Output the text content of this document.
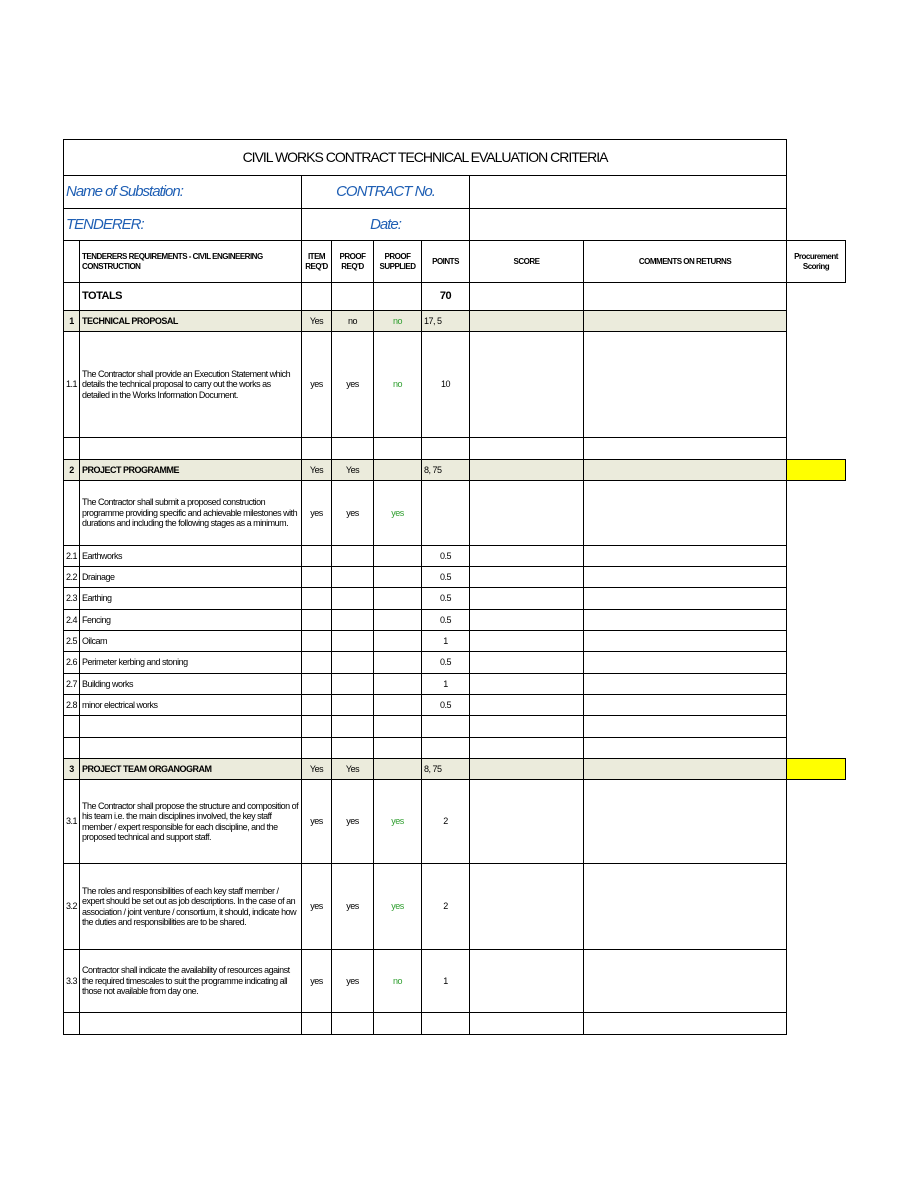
CIVIL WORKS CONTRACT TECHNICAL EVALUATION CRITERIA								
Name of Substation:		CONTRACT No.						
TENDERER:		Date:						
	TENDERERS REQUIREMENTS - CIVIL ENGINEERING CONSTRUCTION	ITEM REQ'D	PROOF REQ'D	PROOF SUPPLIED	POINTS	SCORE	COMMENTS ON RETURNS	Procurement Scoring
	TOTALS				70			
1	TECHNICAL PROPOSAL	Yes	no	no	17, 5			
1.1	The Contractor shall provide an Execution Statement which details the technical proposal to carry out the works as detailed in the Works Information Document.	yes	yes	no	10			

2	PROJECT PROGRAMME	Yes	Yes		8, 75			
	The Contractor shall submit a proposed construction programme providing specific and achievable milestones with durations and including the following stages as a minimum.	yes	yes	yes				
2.1	Earthworks				0.5			
2.2	Drainage				0.5			
2.3	Earthing				0.5			
2.4	Fencing				0.5			
2.5	Oilcam				1			
2.6	Perimeter kerbing and stoning				0.5			
2.7	Building works				1			
2.8	minor electrical works				0.5			

3	PROJECT TEAM ORGANOGRAM	Yes	Yes		8, 75			
3.1	The Contractor shall propose the structure and composition of his team i.e. the main disciplines involved, the key staff member / expert responsible for each discipline, and the proposed technical and support staff.	yes	yes	yes	2			
3.2	The roles and responsibilities of each key staff member / expert should be set out as job descriptions. In the case of an association / joint venture / consortium, it should, indicate how the duties and responsibilities are to be shared.	yes	yes	yes	2			
3.3	Contractor shall indicate the availability of resources against the required timescales to suit the programme indicating all those not available from day one.	yes	yes	no	1			
